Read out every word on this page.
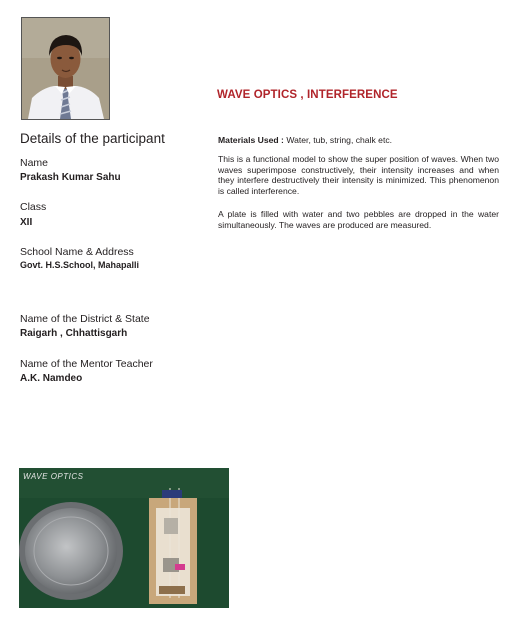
WAVE OPTICS , INTERFERENCE
Details of the participant
Name
Prakash Kumar Sahu
Class
XII
School Name & Address
Govt. H.S.School, Mahapalli
Name of the District & State
Raigarh , Chhattisgarh
Name of the Mentor Teacher
A.K. Namdeo
Materials Used : Water, tub, string, chalk etc.
This is a functional model to show the super position of waves. When two waves superimpose constructively, their intensity increases and when they interfere destructively their intensity is minimized. This phenomenon is called interference.
A plate is filled with water and two pebbles are dropped in the water simultaneously. The waves are produced are measured.
WAVE OPTICS
